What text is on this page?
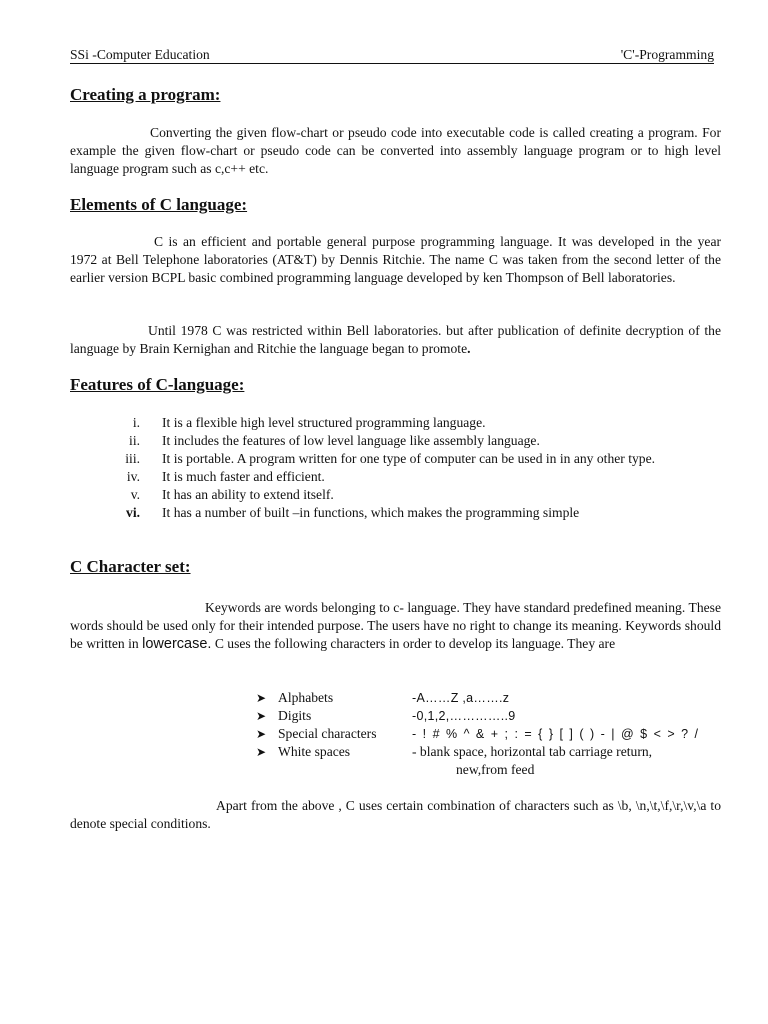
SSi -Computer Education	'C'-Programming
Creating a program:

Converting the given flow-chart or pseudo code into executable code is called creating a program. For example the given flow-chart or pseudo code can be converted into assembly language program or to high level language program such as c,c++ etc.

Elements of C language:

C is an efficient and portable general purpose programming language. It was developed in the year 1972 at Bell Telephone laboratories (AT&T) by Dennis Ritchie. The name C was taken from the second letter of the earlier version BCPL basic combined programming language developed by ken Thompson of Bell laboratories.

Until 1978 C was restricted within Bell laboratories. but after publication of definite decryption of the language by Brain Kernighan and Ritchie the language began to promote.

Features of C-language:
i. It is a flexible high level structured programming language.
ii. It includes the features of low level language like assembly language.
iii. It is portable. A program written for one type of computer can be used in in any other type.
iv. It is much faster and efficient.
v. It has an ability to extend itself.
vi. It has a number of built –in functions, which makes the programming simple
C Character set:

Keywords are words belonging to c- language. They have standard predefined meaning. These words should be used only for their intended purpose. The users have no right to change its meaning. Keywords should be written in lowercase. C uses the following characters in order to develop its language. They are

➤ Alphabets	-A……Z ,a…….z
➤ Digits	-0,1,2,…………..9
➤ Special characters	- ! # % ^ & + ; : = { } [ ] ( ) - | @ $ < > ? /
➤ White spaces	- blank space, horizontal tab carriage return,
new,from feed

Apart from the above , C uses certain combination of characters such as \b, \n,\t,\f,\r,\v,\a to denote special conditions.
